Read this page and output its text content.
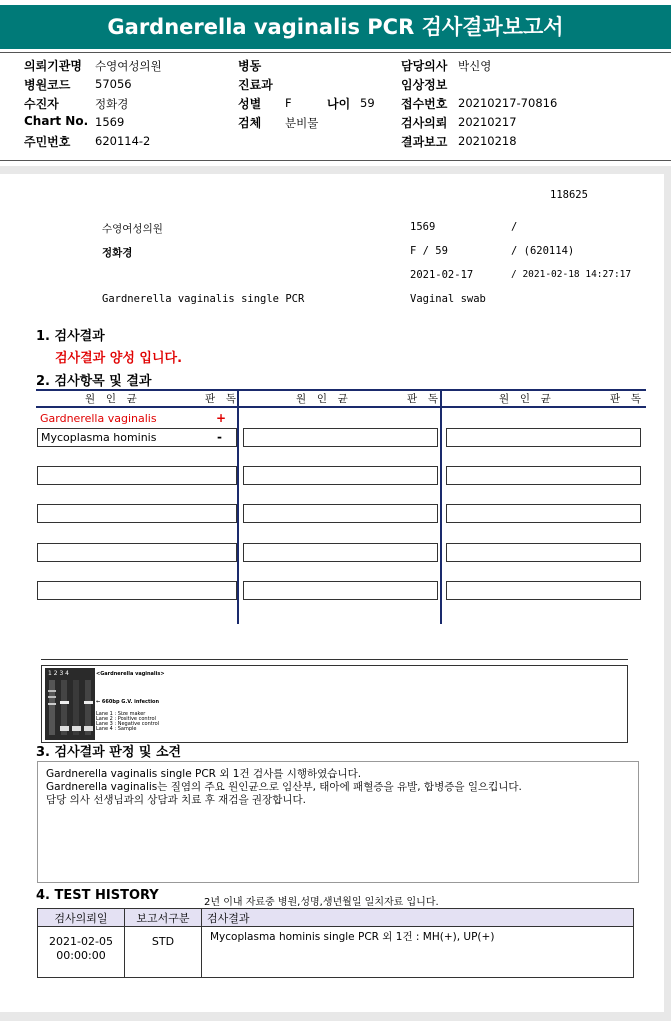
Gardnerella vaginalis PCR 검사결과보고서
의뢰기관명 수영여성의원
병원코드 57056
수진자	정화경
Chart No. 1569
주민번호 620114-2
병동
진료과
성별 F	나이 59
검체 분비물
담당의사 박신영
임상정보
접수번호 20210217-70816
검사의뢰 20210217
결과보고 20210218
118625
수영여성의원	1569	/
정화경	F / 59	/ (620114)
2021-02-17	/ 2021-02-18 14:27:17
Gardnerella vaginalis single PCR	Vaginal swab
1. 검사결과
검사결과 양성 입니다.
2. 검사항목 및 결과
원 인 균	판 독	원 인 균	판 독	원 인 균	판 독
Gardnerella vaginalis	+
Mycoplasma hominis	-
1 2 3 4	<Gardnerella vaginalis>
← 660bp G.V. infection
Lane 1 : Size maker
Lane 2 : Positive control
Lane 3 : Negative control
Lane 4 : Sample
3. 검사결과 판정 및 소견
Gardnerella vaginalis single PCR 외 1건 검사를 시행하였습니다.
Gardnerella vaginalis는 질염의 주요 원인균으로 임산부, 태아에 패혈증을 유발, 합병증을 일으킵니다.
담당 의사 선생님과의 상담과 치료 후 재검을 권장합니다.
4. TEST HISTORY	2년 이내 자료중 병원,성명,생년월일 일치자료 입니다.
검사의뢰일	보고서구분	검사결과
2021-02-05
00:00:00
STD	Mycoplasma hominis single PCR 외 1건 : MH(+), UP(+)
